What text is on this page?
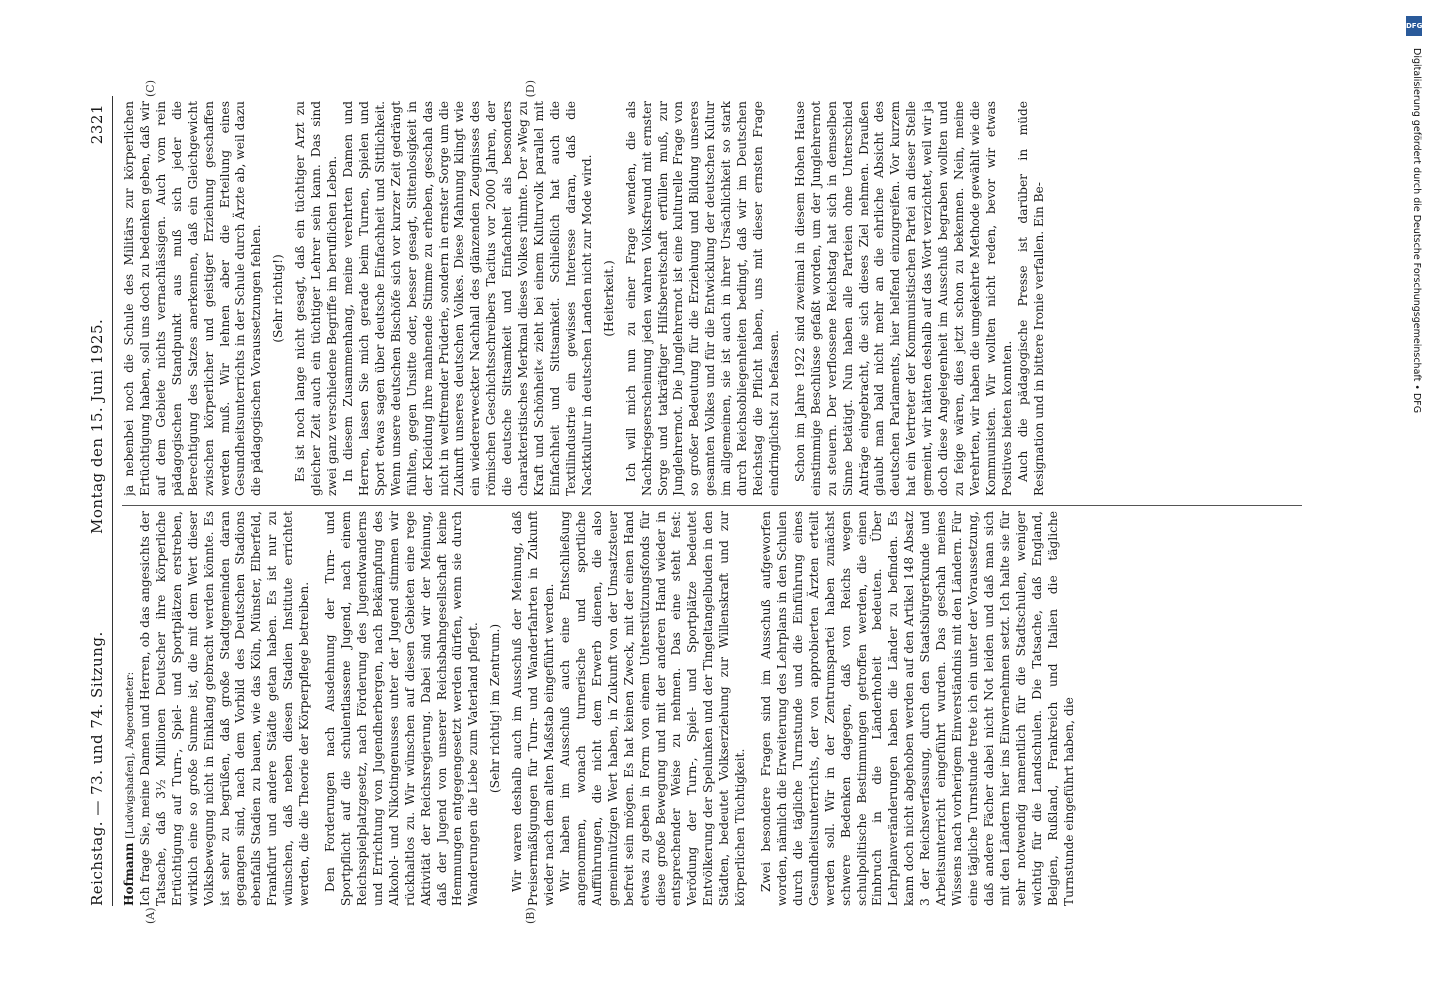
Reichstag. — 73. und 74. Sitzung.
Montag den 15. Juni 1925.
2321
(A)	(B)
(C)	(D)

Hofmann [Ludwigshafen], Abgeordneter: Ich frage Sie, meine Damen und Herren, ob das angesichts der Tatsache, daß 3½ Millionen Deutscher ihre körperliche Ertüchtigung auf Turn-, Spiel- und Sportplätzen erstreben, wirklich eine so große Summe ist, die mit dem Wert dieser Volksbewegung nicht in Einklang gebracht werden könnte. Es ist sehr zu begrüßen, daß große Stadtgemeinden daran gegangen sind, nach dem Vorbild des Deutschen Stadions ebenfalls Stadien zu bauen, wie das Köln, Münster, Elberfeld, Frankfurt und andere Städte getan haben. Es ist nur zu wünschen, daß neben diesen Stadien Institute errichtet werden, die die Theorie der Körperpflege betreiben. Den Forderungen nach Ausdehnung der Turn- und Sportpflicht auf die schulentlassene Jugend, nach einem Reichsspielplatzgesetz, nach Förderung des Jugendwanderns und Errichtung von Jugendherbergen, nach Bekämpfung des Alkohol- und Nikotingenusses unter der Jugend stimmen wir rückhaltlos zu. Wir wünschen auf diesen Gebieten eine rege Aktivität der Reichsregierung. Dabei sind wir der Meinung, daß der Jugend von unserer Reichsbahngesellschaft keine Hemmungen entgegengesetzt werden dürfen, wenn sie durch Wanderungen die Liebe zum Vaterland pflegt. (Sehr richtig! im Zentrum.) Wir waren deshalb auch im Ausschuß der Meinung, daß Preisermäßigungen für Turn- und Wanderfahrten in Zukunft wieder nach dem alten Maßstab eingeführt werden. Wir haben im Ausschuß auch eine Entschließung angenommen, wonach turnerische und sportliche Aufführungen, die nicht dem Erwerb dienen, die also gemeinnützigen Wert haben, in Zukunft von der Umsatzsteuer befreit sein mögen. Es hat keinen Zweck, mit der einen Hand etwas zu geben in Form von einem Unterstützungsfonds für diese große Bewegung und mit der anderen Hand wieder in entsprechender Weise zu nehmen. Das eine steht fest: Verödung der Turn-, Spiel- und Sportplätze bedeutet Entvölkerung der Spelunken und der Tingeltangelbuden in den Städten, bedeutet Volkserziehung zur Willenskraft und zur körperlichen Tüchtigkeit. Zwei besondere Fragen sind im Ausschuß aufgeworfen worden, nämlich die Erweiterung des Lehrplans in den Schulen durch die tägliche Turnstunde und die Einführung eines Gesundheitsunterrichts, der von approbierten Ärzten erteilt werden soll. Wir in der Zentrumspartei haben zunächst schwere Bedenken dagegen, daß von Reichs wegen schulpolitische Bestimmungen getroffen werden, die einen Einbruch in die Länderhoheit bedeuten. Über Lehrplanveränderungen haben die Länder zu befinden. Es kann doch nicht abgehoben werden auf den Artikel 148 Absatz 3 der Reichsverfassung, durch den Staatsbürgerkunde und Arbeitsunterricht eingeführt wurden. Das geschah meines Wissens nach vorherigem Einverständnis mit den Ländern. Für eine tägliche Turnstunde trete ich ein unter der Voraussetzung, daß andere Fächer dabei nicht Not leiden und daß man sich mit den Ländern hier ins Einvernehmen setzt. Ich halte sie für sehr notwendig namentlich für die Stadtschulen, weniger wichtig für die Landschulen. Die Tatsache, daß England, Belgien, Rußland, Frankreich und Italien die tägliche Turnstunde eingeführt haben, die

ja nebenbei noch die Schule des Militärs zur körperlichen Ertüchtigung haben, soll uns doch zu bedenken geben, daß wir auf dem Gebiete nichts vernachlässigen. Auch vom rein pädagogischen Standpunkt aus muß sich jeder die Berechtigung des Satzes anerkennen, daß ein Gleichgewicht zwischen körperlicher und geistiger Erziehung geschaffen werden muß. Wir lehnen aber die Erteilung eines Gesundheitsunterrichts in der Schule durch Ärzte ab, weil dazu die pädagogischen Voraussetzungen fehlen. (Sehr richtig!) Es ist noch lange nicht gesagt, daß ein tüchtiger Arzt zu gleicher Zeit auch ein tüchtiger Lehrer sein kann. Das sind zwei ganz verschiedene Begriffe im beruflichen Leben. In diesem Zusammenhang, meine verehrten Damen und Herren, lassen Sie mich gerade beim Turnen, Spielen und Sport etwas sagen über deutsche Einfachheit und Sittlichkeit. Wenn unsere deutschen Bischöfe sich vor kurzer Zeit gedrängt fühlten, gegen Unsitte oder, besser gesagt, Sittenlosigkeit in der Kleidung ihre mahnende Stimme zu erheben, geschah das nicht in weltfremder Prüderie, sondern in ernster Sorge um die Zukunft unseres deutschen Volkes. Diese Mahnung klingt wie ein wiedererweckter Nachhall des glänzenden Zeugnisses des römischen Geschichtsschreibers Tacitus vor 2000 Jahren, der die deutsche Sittsamkeit und Einfachheit als besonders charakteristisches Merkmal dieses Volkes rühmte. Der »Weg zu Kraft und Schönheit« zieht bei einem Kulturvolk parallel mit Einfachheit und Sittsamkeit. Schließlich hat auch die Textilindustrie ein gewisses Interesse daran, daß die Nacktkultur in deutschen Landen nicht zur Mode wird. (Heiterkeit.) Ich will mich nun zu einer Frage wenden, die als Nachkriegserscheinung jeden wahren Volksfreund mit ernster Sorge und tatkräftiger Hilfsbereitschaft erfüllen muß, zur Junglehrernot. Die Junglehrernot ist eine kulturelle Frage von so großer Bedeutung für die Erziehung und Bildung unseres gesamten Volkes und für die Entwicklung der deutschen Kultur im allgemeinen, sie ist auch in ihrer Ursächlichkeit so stark durch Reichsobliegenheiten bedingt, daß wir im Deutschen Reichstag die Pflicht haben, uns mit dieser ernsten Frage eindringlichst zu befassen. Schon im Jahre 1922 sind zweimal in diesem Hohen Hause einstimmige Beschlüsse gefaßt worden, um der Junglehrernot zu steuern. Der verflossene Reichstag hat sich in demselben Sinne betätigt. Nun haben alle Parteien ohne Unterschied Anträge eingebracht, die sich dieses Ziel nehmen. Draußen glaubt man bald nicht mehr an die ehrliche Absicht des deutschen Parlaments, hier helfend einzugreifen. Vor kurzem hat ein Vertreter der Kommunistischen Partei an dieser Stelle gemeint, wir hätten deshalb auf das Wort verzichtet, weil wir ja doch diese Angelegenheit im Ausschuß begraben wollten und zu feige wären, dies jetzt schon zu bekennen. Nein, meine Verehrten, wir haben die umgekehrte Methode gewählt wie die Kommunisten. Wir wollten nicht reden, bevor wir etwas Positives bieten konnten. Auch die pädagogische Presse ist darüber in müde Resignation und in bittere Ironie verfallen. Ein Be-

DFG
Digitalisierung gefördert durch die Deutsche Forschungsgemeinschaft • DFG
